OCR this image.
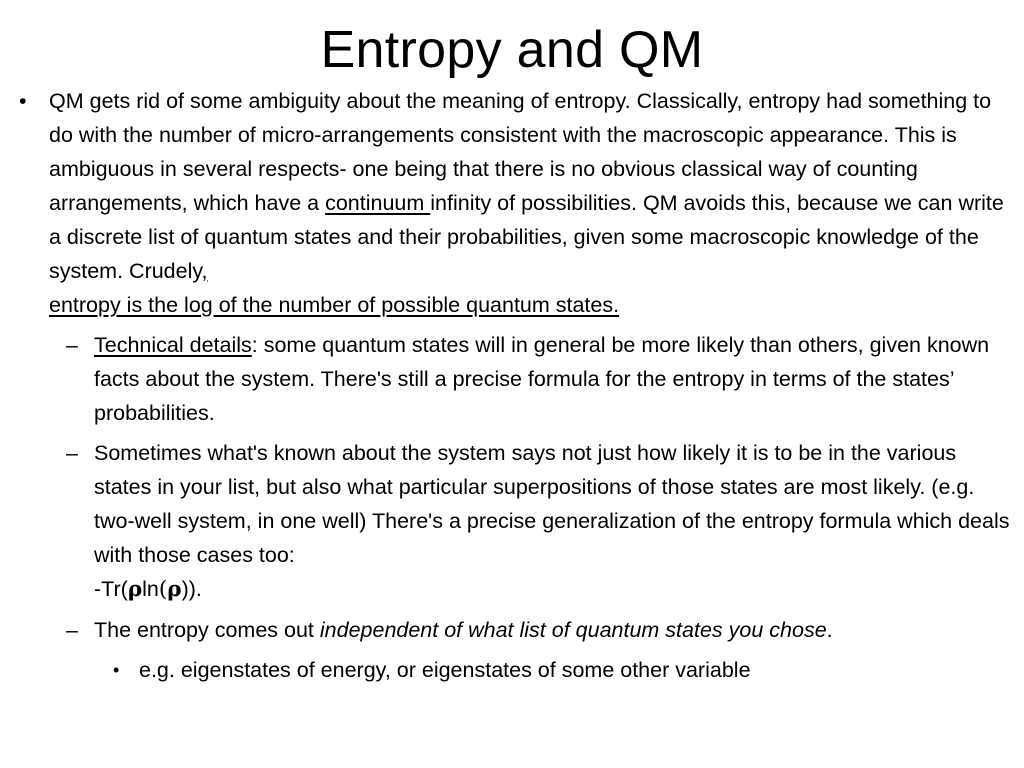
Entropy and QM
• QM gets rid of some ambiguity about the meaning of entropy. Classically, entropy had something to do with the number of micro-arrangements consistent with the macroscopic appearance. This is ambiguous in several respects- one being that there is no obvious classical way of counting arrangements, which have a continuum infinity of possibilities. QM avoids this, because we can write a discrete list of quantum states and their probabilities, given some macroscopic knowledge of the system. Crudely,
entropy is the log of the number of possible quantum states.
– Technical details: some quantum states will in general be more likely than others, given known facts about the system. There's still a precise formula for the entropy in terms of the states’ probabilities.
– Sometimes what's known about the system says not just how likely it is to be in the various states in your list, but also what particular superpositions of those states are most likely. (e.g. two-well system, in one well) There's a precise generalization of the entropy formula which deals with those cases too:
-Tr(ρln(ρ)).
– The entropy comes out independent of what list of quantum states you chose.
• e.g. eigenstates of energy, or eigenstates of some other variable
